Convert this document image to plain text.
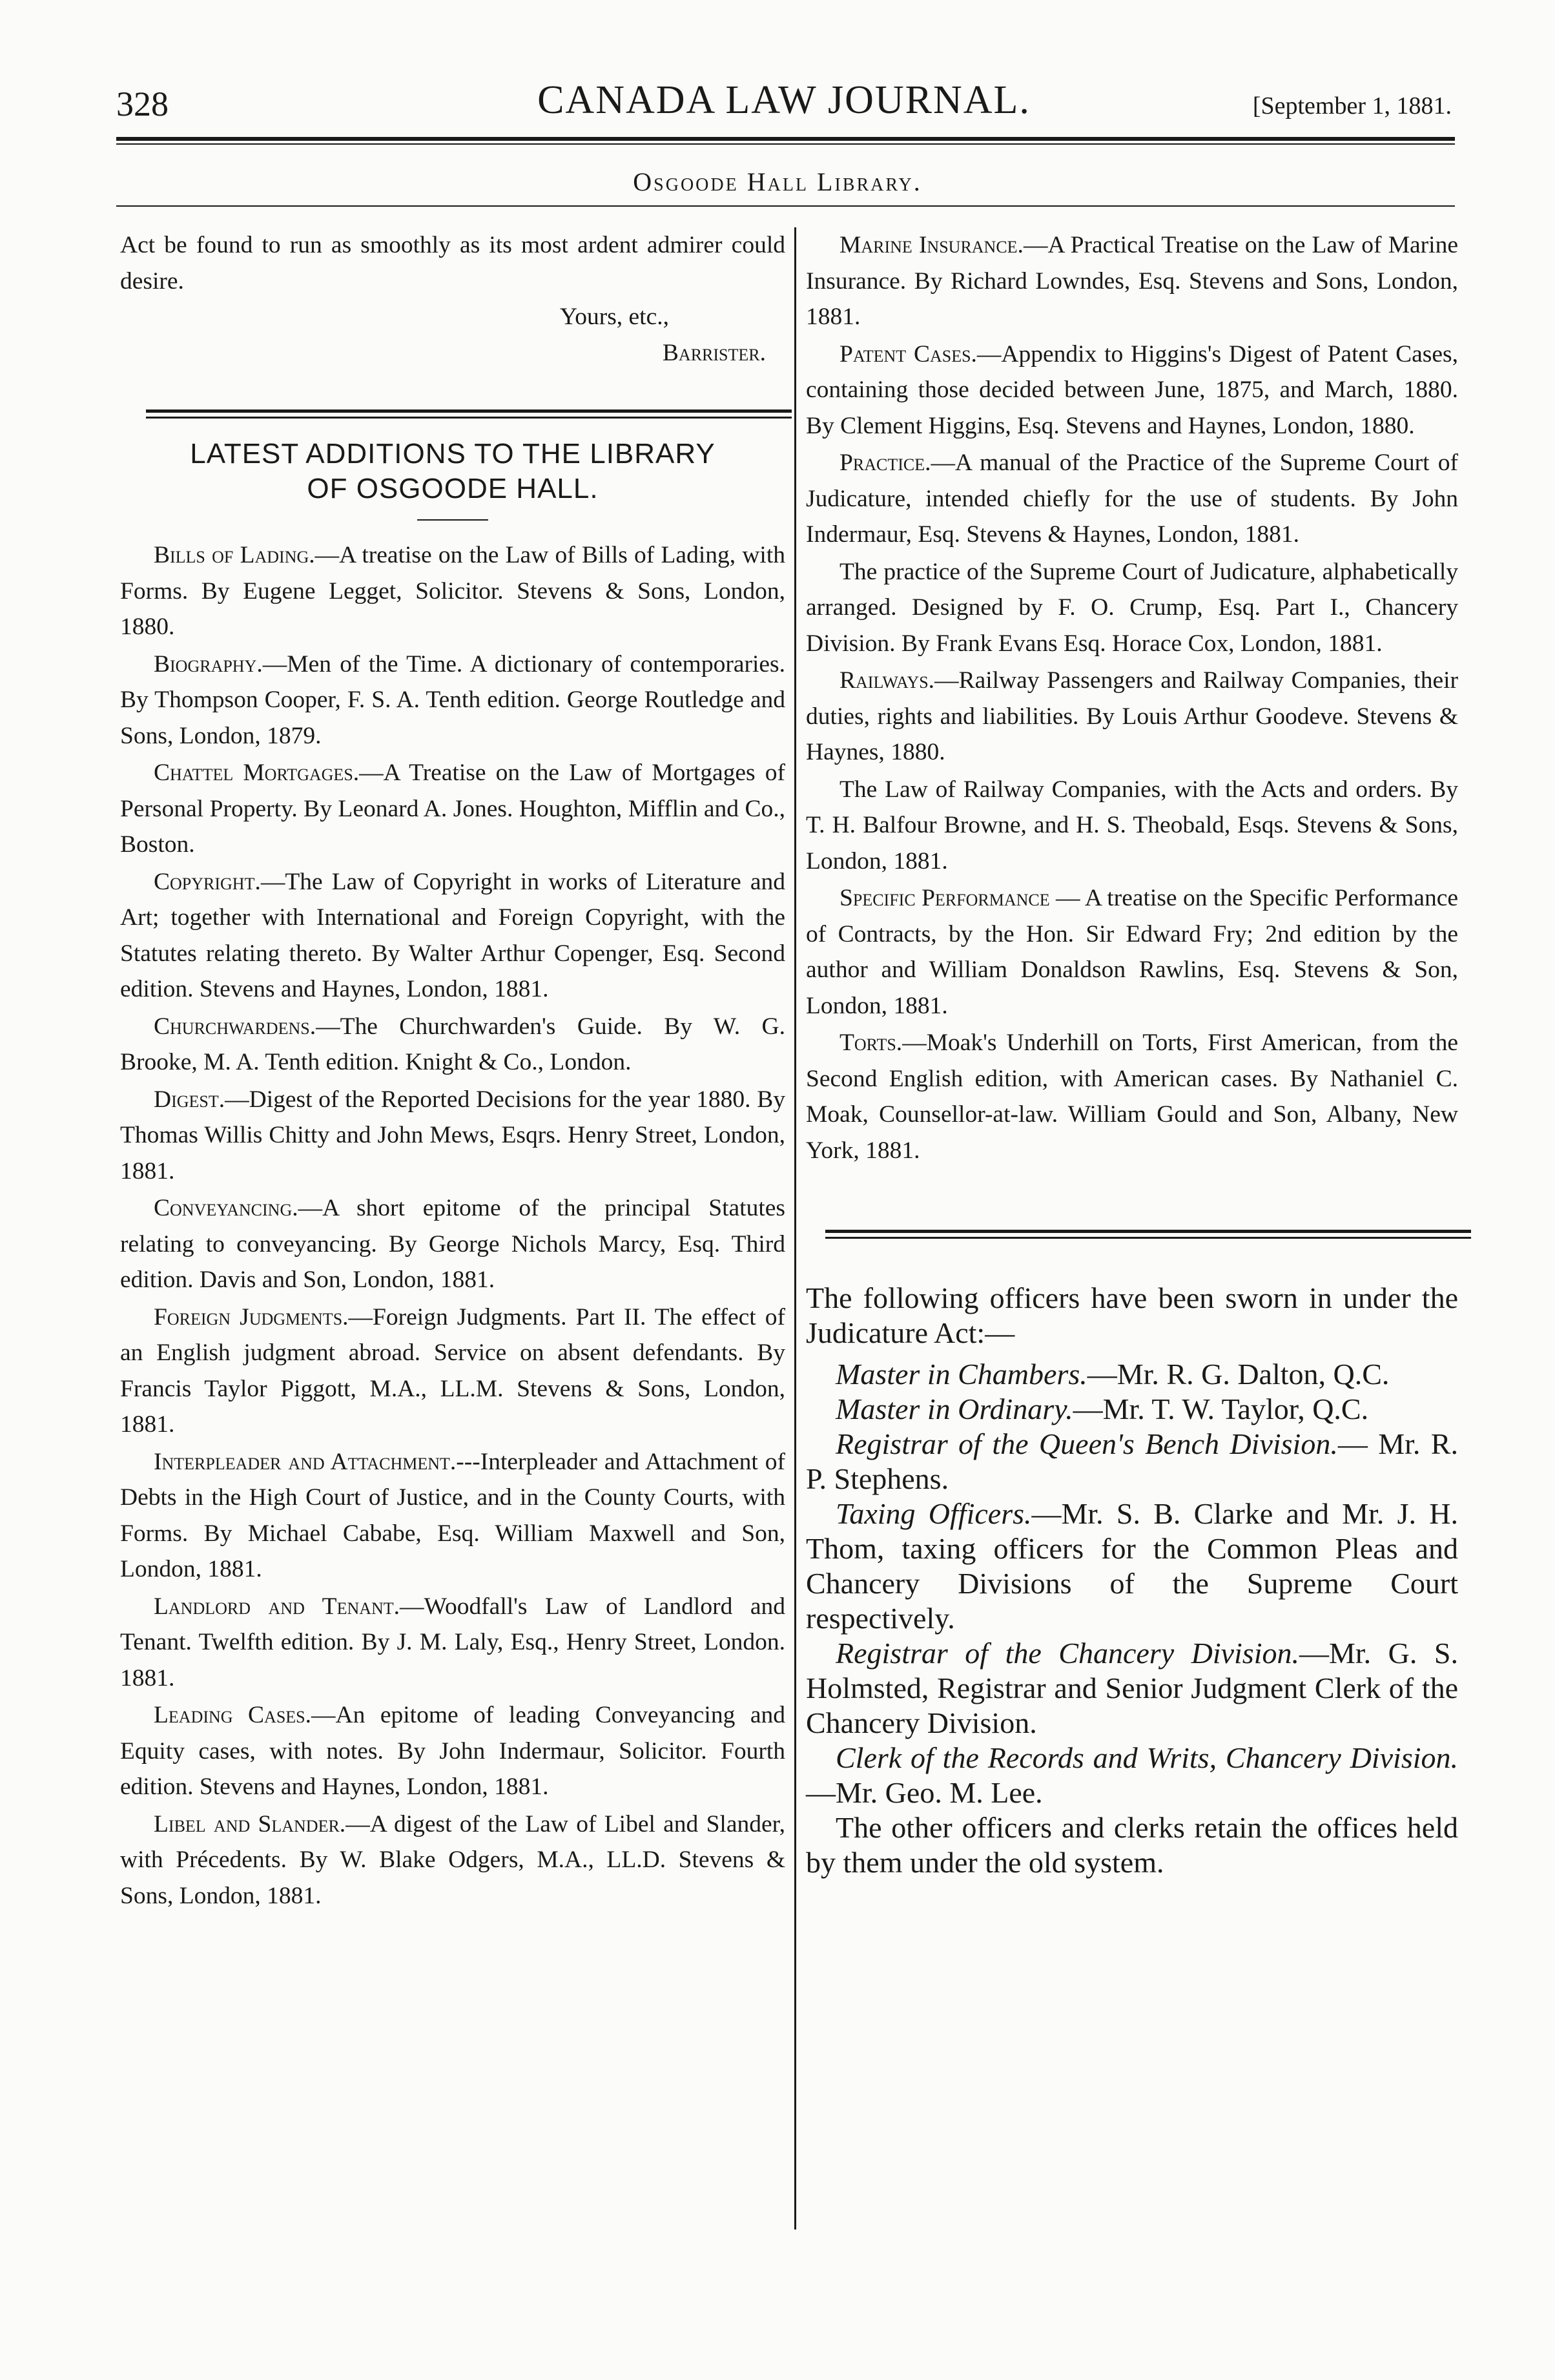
328	CANADA LAW JOURNAL.	[September 1, 1881.
Osgoode Hall Library.

Act be found to run as smoothly as its most ardent admirer could desire.

Yours, etc.,

Barrister.

LATEST ADDITIONS TO THE LIBRARY
OF OSGOODE HALL.

Bills of Lading.—A treatise on the Law of Bills of Lading, with Forms. By Eugene Legget, Solicitor. Stevens & Sons, London, 1880.

Biography.—Men of the Time. A dictionary of contemporaries. By Thompson Cooper, F. S. A. Tenth edition. George Routledge and Sons, London, 1879.

Chattel Mortgages.—A Treatise on the Law of Mortgages of Personal Property. By Leonard A. Jones. Houghton, Mifflin and Co., Boston.

Copyright.—The Law of Copyright in works of Literature and Art; together with International and Foreign Copyright, with the Statutes relating thereto. By Walter Arthur Copenger, Esq. Second edition. Stevens and Haynes, London, 1881.

Churchwardens.—The Churchwarden's Guide. By W. G. Brooke, M. A. Tenth edition. Knight & Co., London.

Digest.—Digest of the Reported Decisions for the year 1880. By Thomas Willis Chitty and John Mews, Esqrs. Henry Street, London, 1881.

Conveyancing.—A short epitome of the principal Statutes relating to conveyancing. By George Nichols Marcy, Esq. Third edition. Davis and Son, London, 1881.

Foreign Judgments.—Foreign Judgments. Part II. The effect of an English judgment abroad. Service on absent defendants. By Francis Taylor Piggott, M.A., LL.M. Stevens & Sons, London, 1881.

Interpleader and Attachment.---Interpleader and Attachment of Debts in the High Court of Justice, and in the County Courts, with Forms. By Michael Cababe, Esq. William Maxwell and Son, London, 1881.

Landlord and Tenant.—Woodfall's Law of Landlord and Tenant. Twelfth edition. By J. M. Laly, Esq., Henry Street, London. 1881.

Leading Cases.—An epitome of leading Conveyancing and Equity cases, with notes. By John Indermaur, Solicitor. Fourth edition. Stevens and Haynes, London, 1881.

Libel and Slander.—A digest of the Law of Libel and Slander, with Précedents. By W. Blake Odgers, M.A., LL.D. Stevens & Sons, London, 1881.

Marine Insurance.—A Practical Treatise on the Law of Marine Insurance. By Richard Lowndes, Esq. Stevens and Sons, London, 1881.

Patent Cases.—Appendix to Higgins's Digest of Patent Cases, containing those decided between June, 1875, and March, 1880. By Clement Higgins, Esq. Stevens and Haynes, London, 1880.

Practice.—A manual of the Practice of the Supreme Court of Judicature, intended chiefly for the use of students. By John Indermaur, Esq. Stevens & Haynes, London, 1881.

The practice of the Supreme Court of Judicature, alphabetically arranged. Designed by F. O. Crump, Esq. Part I., Chancery Division. By Frank Evans Esq. Horace Cox, London, 1881.

Railways.—Railway Passengers and Railway Companies, their duties, rights and liabilities. By Louis Arthur Goodeve. Stevens & Haynes, 1880.

The Law of Railway Companies, with the Acts and orders. By T. H. Balfour Browne, and H. S. Theobald, Esqs. Stevens & Sons, London, 1881.

Specific Performance — A treatise on the Specific Performance of Contracts, by the Hon. Sir Edward Fry; 2nd edition by the author and William Donaldson Rawlins, Esq. Stevens & Son, London, 1881.

Torts.—Moak's Underhill on Torts, First American, from the Second English edition, with American cases. By Nathaniel C. Moak, Counsellor-at-law. William Gould and Son, Albany, New York, 1881.

The following officers have been sworn in under the Judicature Act:—

Master in Chambers.—Mr. R. G. Dalton, Q.C.

Master in Ordinary.—Mr. T. W. Taylor, Q.C.

Registrar of the Queen's Bench Division.— Mr. R. P. Stephens.

Taxing Officers.—Mr. S. B. Clarke and Mr. J. H. Thom, taxing officers for the Common Pleas and Chancery Divisions of the Supreme Court respectively.

Registrar of the Chancery Division.—Mr. G. S. Holmsted, Registrar and Senior Judgment Clerk of the Chancery Division.

Clerk of the Records and Writs, Chancery Division.—Mr. Geo. M. Lee.

The other officers and clerks retain the offices held by them under the old system.
